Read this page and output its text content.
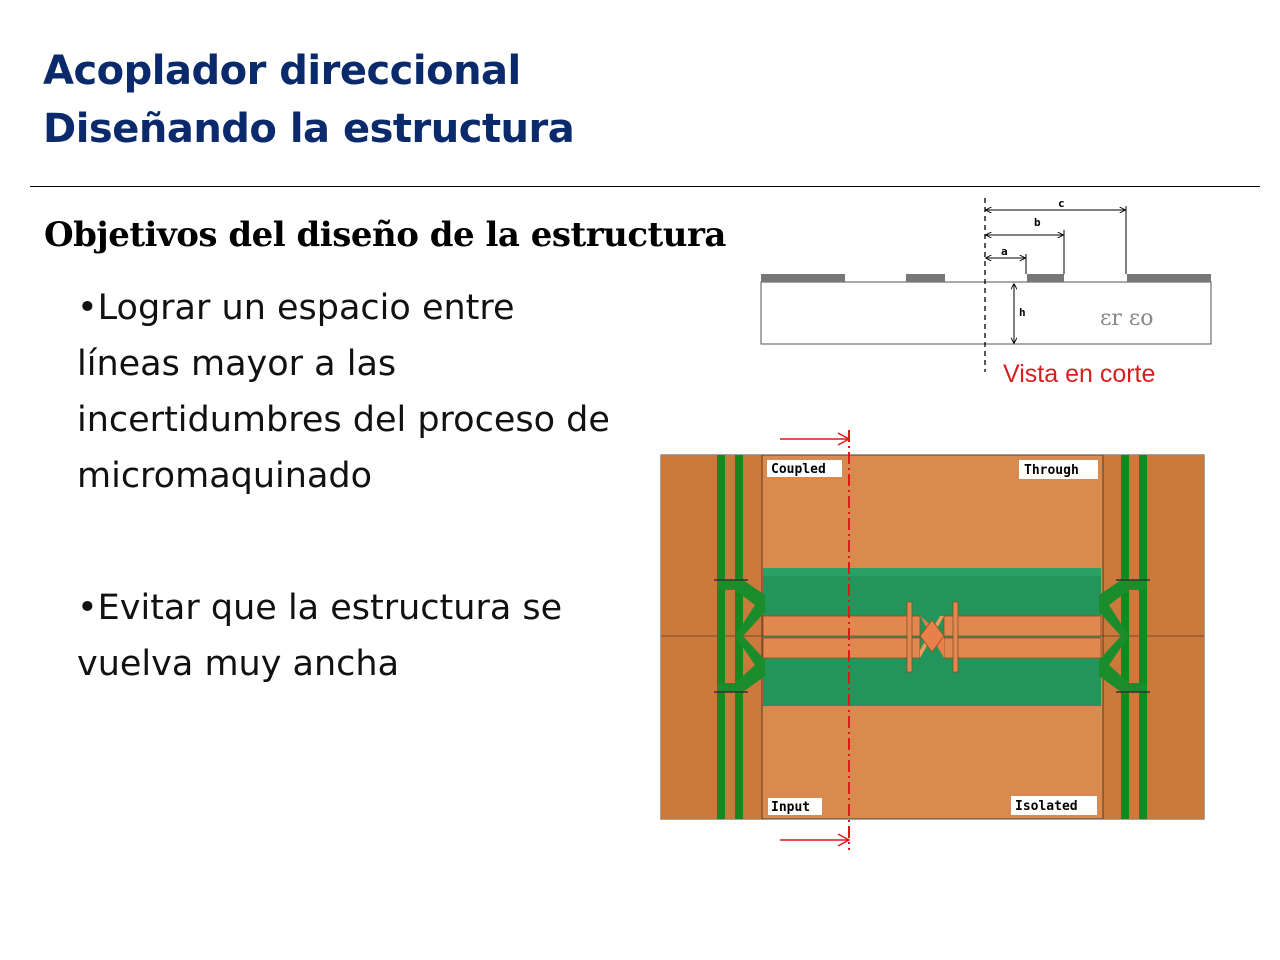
Acoplador direccional
Diseñando la estructura
Objetivos del diseño de la estructura
•Lograr un espacio entre líneas mayor a las incertidumbres del proceso de micromaquinado
•Evitar que la estructura se vuelva muy ancha
a
b
c
h	εr εo
Vista en corte
Coupled	Through
Input	Isolated
